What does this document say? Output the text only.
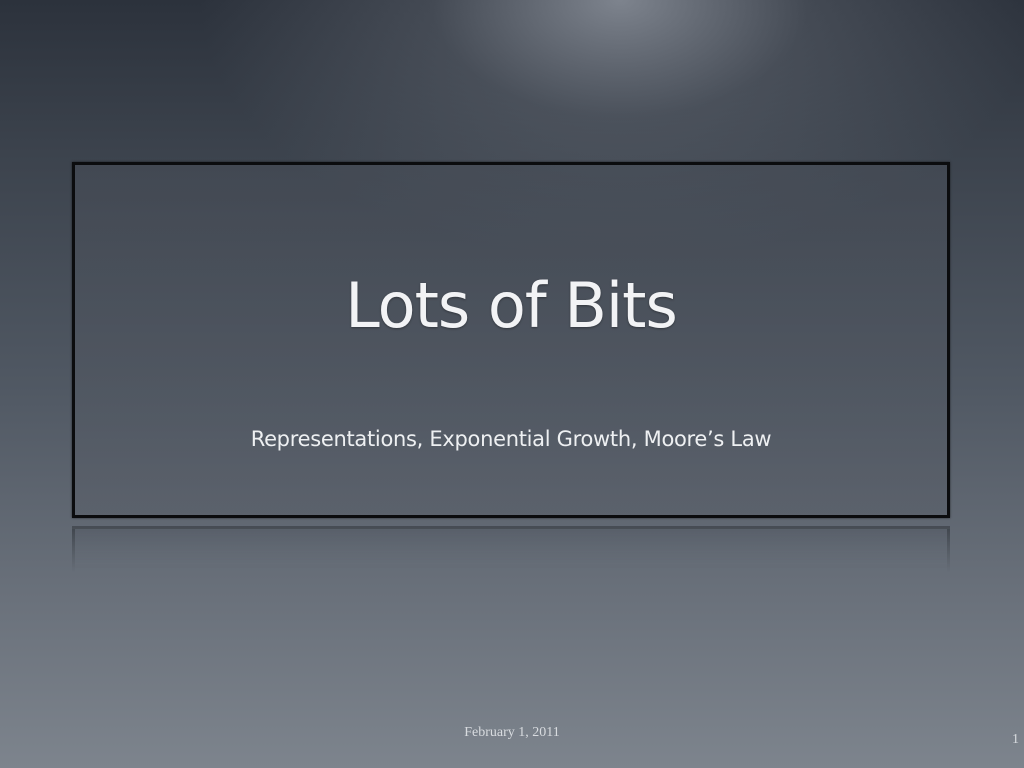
Lots of Bits
Representations, Exponential Growth, Moore’s Law
February 1, 2011	1
